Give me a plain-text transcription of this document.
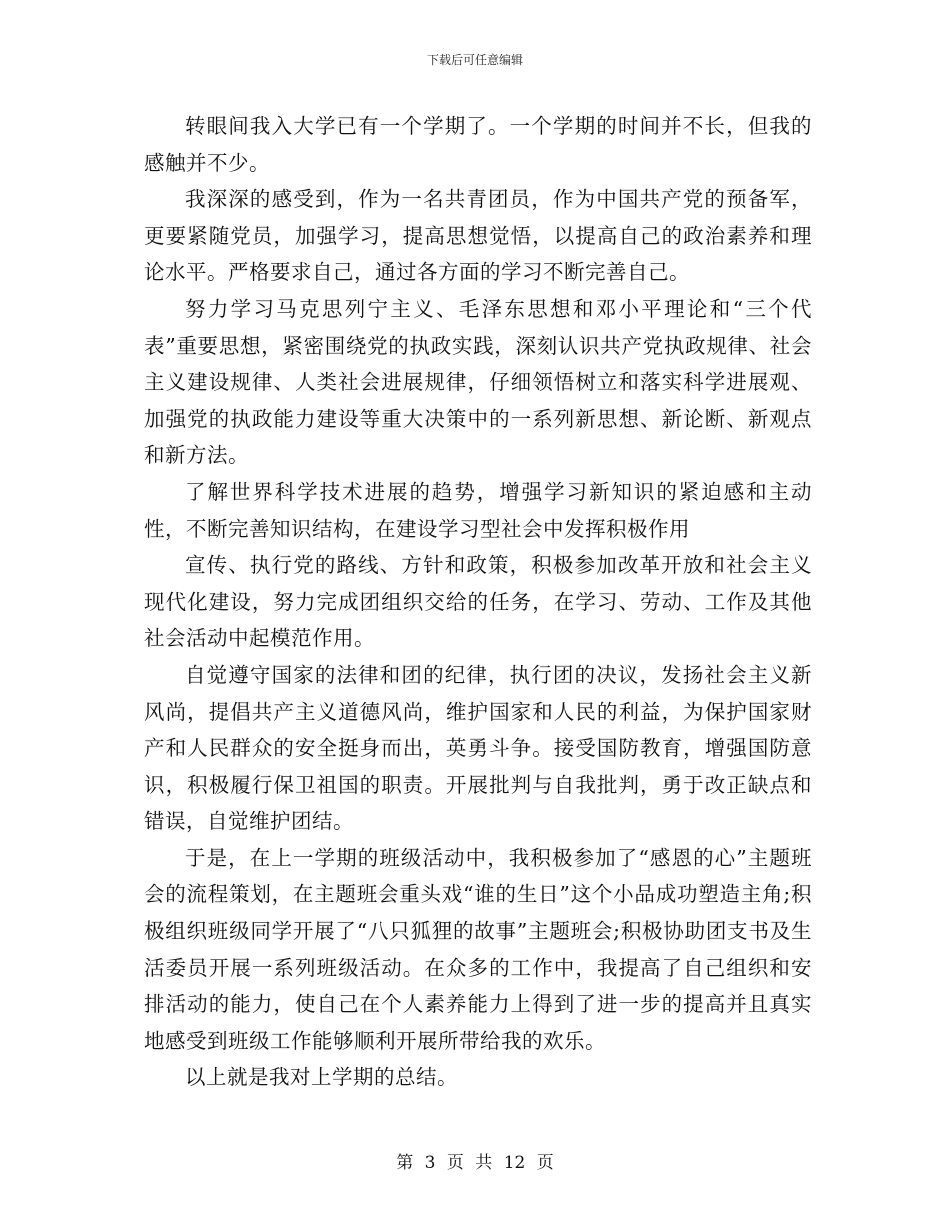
下载后可任意编辑

转眼间我入大学已有一个学期了。一个学期的时间并不长，但我的感触并不少。

我深深的感受到，作为一名共青团员，作为中国共产党的预备军，更要紧随党员，加强学习，提高思想觉悟，以提高自己的政治素养和理论水平。严格要求自己，通过各方面的学习不断完善自己。

努力学习马克思列宁主义、毛泽东思想和邓小平理论和“三个代表”重要思想，紧密围绕党的执政实践，深刻认识共产党执政规律、社会主义建设规律、人类社会进展规律，仔细领悟树立和落实科学进展观、加强党的执政能力建设等重大决策中的一系列新思想、新论断、新观点和新方法。

了解世界科学技术进展的趋势，增强学习新知识的紧迫感和主动性，不断完善知识结构，在建设学习型社会中发挥积极作用

宣传、执行党的路线、方针和政策，积极参加改革开放和社会主义现代化建设，努力完成团组织交给的任务，在学习、劳动、工作及其他社会活动中起模范作用。

自觉遵守国家的法律和团的纪律，执行团的决议，发扬社会主义新风尚，提倡共产主义道德风尚，维护国家和人民的利益，为保护国家财产和人民群众的安全挺身而出，英勇斗争。接受国防教育，增强国防意识，积极履行保卫祖国的职责。开展批判与自我批判，勇于改正缺点和错误，自觉维护团结。

于是，在上一学期的班级活动中，我积极参加了“感恩的心”主题班会的流程策划，在主题班会重头戏“谁的生日”这个小品成功塑造主角;积极组织班级同学开展了“八只狐狸的故事”主题班会;积极协助团支书及生活委员开展一系列班级活动。在众多的工作中，我提高了自己组织和安排活动的能力，使自己在个人素养能力上得到了进一步的提高并且真实地感受到班级工作能够顺利开展所带给我的欢乐。

以上就是我对上学期的总结。

第 3 页 共 12 页
